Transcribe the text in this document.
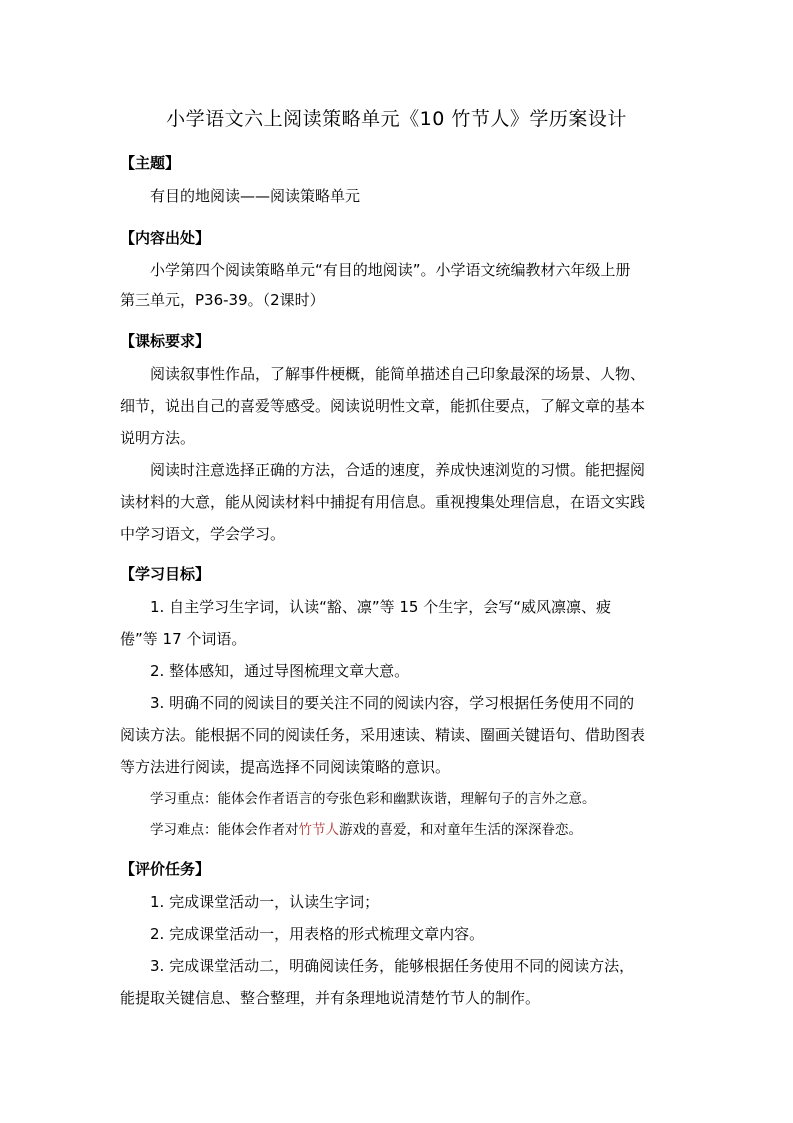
小学语文六上阅读策略单元《10 竹节人》学历案设计
【主题】
有目的地阅读——阅读策略单元
【内容出处】
小学第四个阅读策略单元“有目的地阅读”。小学语文统编教材六年级上册
第三单元，P36-39。（2课时）
【课标要求】
阅读叙事性作品，了解事件梗概，能简单描述自己印象最深的场景、人物、
细节，说出自己的喜爱等感受。阅读说明性文章，能抓住要点，了解文章的基本
说明方法。
阅读时注意选择正确的方法，合适的速度，养成快速浏览的习惯。能把握阅
读材料的大意，能从阅读材料中捕捉有用信息。重视搜集处理信息，在语文实践
中学习语文，学会学习。
【学习目标】
1. 自主学习生字词，认读“豁、凛”等 15 个生字，会写“威风凛凛、疲
倦”等 17 个词语。
2. 整体感知，通过导图梳理文章大意。
3. 明确不同的阅读目的要关注不同的阅读内容，学习根据任务使用不同的
阅读方法。能根据不同的阅读任务，采用速读、精读、圈画关键语句、借助图表
等方法进行阅读，提高选择不同阅读策略的意识。
学习重点：能体会作者语言的夸张色彩和幽默诙谐，理解句子的言外之意。
学习难点：能体会作者对竹节人游戏的喜爱，和对童年生活的深深眷恋。
【评价任务】
1. 完成课堂活动一，认读生字词；
2. 完成课堂活动一，用表格的形式梳理文章内容。
3. 完成课堂活动二，明确阅读任务，能够根据任务使用不同的阅读方法，
能提取关键信息、整合整理，并有条理地说清楚竹节人的制作。
